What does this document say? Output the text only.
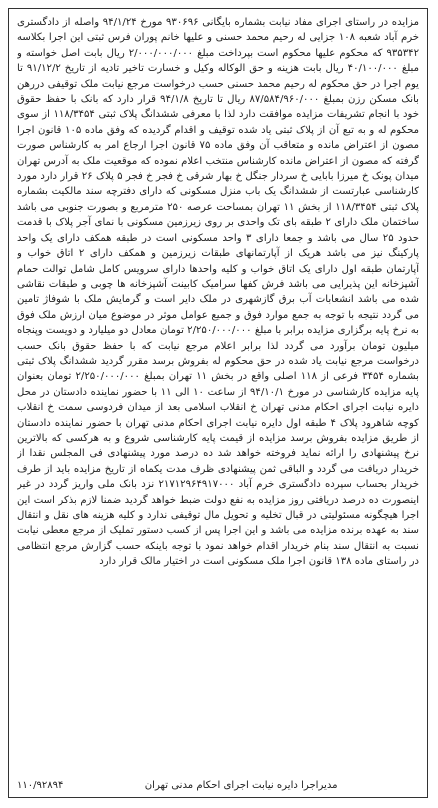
مزایده در راستای اجرای مفاد نیابت بشماره بایگانی ۹۳۰۶۹۶ مورخ ۹۴/۱/۲۴ واصله از دادگستری خرم آباد شعبه ۱۰۸ جزایی له رحیم محمد حسنی و علیها خانم پوران فرس ثبتی این اجرا بکلاسه ۹۳۵۳۴۲ که محکوم علیها محکوم است بپرداخت مبلغ ۲/۰۰۰/۰۰۰/۰۰۰ ریال بابت اصل خواسته و مبلغ ۴۰/۱۰۰/۰۰۰ ریال بابت هزینه و حق الوکاله وکیل و خسارت تاخیر تادیه از تاریخ ۹۱/۱۲/۲ تا یوم اجرا در حق محکوم له رحیم محمد حسنی حسب درخواست مرجع نیابت ملک توقیفی دررهن بانک مسکن رزن بمبلغ ۸۷/۵۸۴/۹۶۰/۰۰۰ ریال تا تاریخ ۹۴/۱/۸ قرار دارد که بانک با حفظ حقوق خود با انجام تشریفات مزایده موافقت دارد لذا با معرفی ششدانگ پلاک ثبتی ۱۱۸/۳۴۵۴ از سوی محکوم له و به تبع آن از پلاک ثبتی یاد شده توقیف و اقدام گردیده که وفق ماده ۱۰۵ قانون اجرا مصون از اعتراض مانده و متعاقب آن وفق ماده ۷۵ قانون اجرا ارجاع امر به کارشناس صورت گرفته که مصون از اعتراض مانده کارشناس منتخب اعلام نموده که موقعیت ملک به آدرس تهران میدان پونک خ میرزا بابایی خ سردار جنگل خ بهار شرقی خ فجر خ فجر ۵ پلاک ۲۶ قرار دارد مورد کارشناسی عبارتست از ششدانگ یک باب منزل مسکونی که دارای دفترچه سند مالکیت بشماره پلاک ثبتی ۱۱۸/۳۴۵۴ از بخش ۱۱ تهران بمساحت عرصه ۲۵۰ مترمربع و بصورت جنوبی می باشد ساختمان ملک دارای ۲ طبقه بای تک واحدی بر روی زیرزمین مسکونی با نمای آجر پلاک با قدمت حدود ۲۵ سال می باشد و جمعا دارای ۳ واحد مسکونی است در طبقه همکف دارای یک واحد پارکینگ نیز می باشد هریک از آپارتمانهای طبقات زیرزمین و همکف دارای ۲ اتاق خواب و آپارتمان طبقه اول دارای یک اتاق خواب و کلیه واحدها دارای سرویس کامل شامل توالت حمام آشپزخانه این پذیرایی می باشد فرش کفها سرامیک کابینت آشپزخانه ها چوبی و طبقات نقاشی شده می باشد انشعابات آب برق گازشهری در ملک دایر است و گرمایش ملک با شوفاژ تامین می گردد نتیجه با توجه به جمع موارد فوق و جمیع عوامل موثر در موضوع میان ارزش ملک فوق به نرخ پایه برگزاری مزایده برابر با مبلغ ۲/۲۵۰/۰۰۰/۰۰۰ تومان معادل دو میلیارد و دویست وپنجاه میلیون تومان برآورد می گردد لذا برابر اعلام مرجع نیابت که با حفظ حقوق بانک حسب درخواست مرجع نیابت یاد شده در حق محکوم له بفروش برسد مقرر گردید ششدانگ پلاک ثبتی بشماره ۳۴۵۴ فرعی از ۱۱۸ اصلی واقع در بخش ۱۱ تهران بمبلغ ۲/۲۵۰/۰۰۰/۰۰۰ تومان بعنوان پایه مزایده کارشناسی در مورخ ۹۴/۱۰/۱ از ساعت ۱۰ الی ۱۱ با حضور نماینده دادستان در محل دایره نیابت اجرای احکام مدنی تهران خ انقلاب اسلامی بعد از میدان فردوسی سمت خ انقلاب کوچه شاهرود پلاک ۴ طبقه اول دایره نیابت اجرای احکام مدنی تهران با حضور نماینده دادستان از طریق مزایده بفروش برسد مزایده از قیمت پایه کارشناسی شروع و به هرکسی که بالاترین نرخ پیشنهادی را ارائه نماید فروخته خواهد شد ده درصد مورد پیشنهادی فی المجلس نقدا از خریدار دریافت می گردد و الباقی ثمن پیشنهادی ظرف مدت یکماه از تاریخ مزایده باید از طرف خریدار بحساب سپرده دادگستری خرم آباد ۲۱۷۱۲۹۶۴۹۱۷۰۰۰ نزد بانک ملی واریز گردد در غیر اینصورت ده درصد دریافتی روز مزایده به نفع دولت ضبط خواهد گردید ضمنا لازم بذکر است این اجرا هیچگونه مسئولیتی در قبال تخلیه و تحویل مال توقیفی ندارد و کلیه هزینه های نقل و انتقال سند به عهده برنده مزایده می باشد و این اجرا پس از کسب دستور تملیک از مرجع معطی نیابت نسبت به انتقال سند بنام خریدار اقدام خواهد نمود با توجه باینکه حسب گزارش مرجع انتظامی در راستای ماده ۱۳۸ قانون اجرا ملک مسکونی است در اختیار مالک قرار دارد

مدیراجرا دایره نیابت اجرای احکام مدنی تهران
۱۱۰/۹۲۸۹۴
